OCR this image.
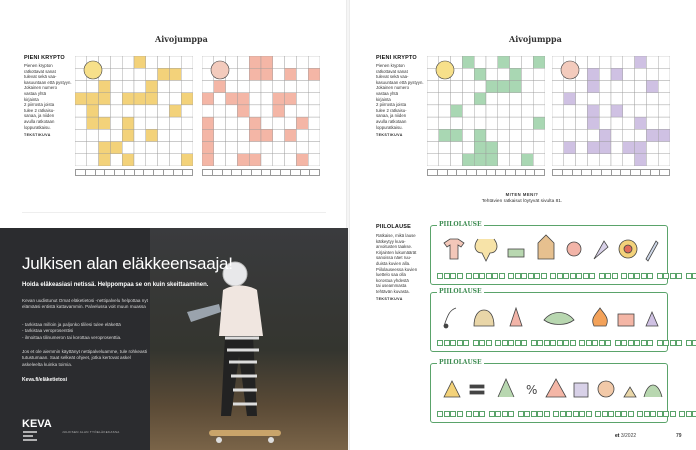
Aivojumppa	Aivojumppa
PIENI KRYPTO
Pienen krypton
ratkottavat sanat
tulevat sekä vaa-
kasuuntaan että pystyyn.
Jokainen numero
vastaa yhtä
kirjainta
2 piirrosta joista
tulee 2 ratkaisu-
sanaa, ja niiden
avulla ratkotaan
loppuratkaisu.
TEKSTIKUVA
PIENI KRYPTO
Pienen krypton
ratkottavat sanat
tulevat sekä vaa-
kasuuntaan että pystyyn.
Jokainen numero
vastaa yhtä
kirjainta
2 piirrosta joista
tulee 2 ratkaisu-
sanaa, ja niiden
avulla ratkotaan
loppuratkaisu.
TEKSTIKUVA
MITEN MENI?
Tehtävien ratkaisut löytyvät sivulta 81.
PIILOLAUSE
Ratkaise, mikä lause
kätkeytyy kuva-
arvoitusten taakse.
Kirjainten lukumäärät
sanoissa näet ruu-
duista kuvien alla.
Piilolauseessa kuvien
luettelo saa olla
korostua yhdestä
tai useammasta
tehtävän kuvasta.
TEKSTIKUVA
PIILOLAUSE
PIILOLAUSE
PIILOLAUSE
%
Julkisen alan eläkkeensaaja!
Hoida eläkeasiasi netissä. Helppompaa se on kuin skeittaaminen.
Kevan uudistunut Omat eläketietosi -nettipalvelu helpottaa nyt elämääsi entistä kattavammin. Palvelussa voit muun muassa
- tarkistaa milloin ja paljonko tililesi tulee eläkettä
- tarkistaa veroprosenttisi
- ilmoittaa tilinumeron tai korottaa veroprosenttia.
Jos et ole aiemmin käyttänyt nettipalveluamme, tule rohkeasti tutustumaan. Saat selkeät ohjeet, jotka kertovat askel askeleelta kuinka toimia.
Keva.fi/eläketietosi
KEVA
JULKISEN ALAN TYÖELÄKEKASSA
et 3/2022	79
